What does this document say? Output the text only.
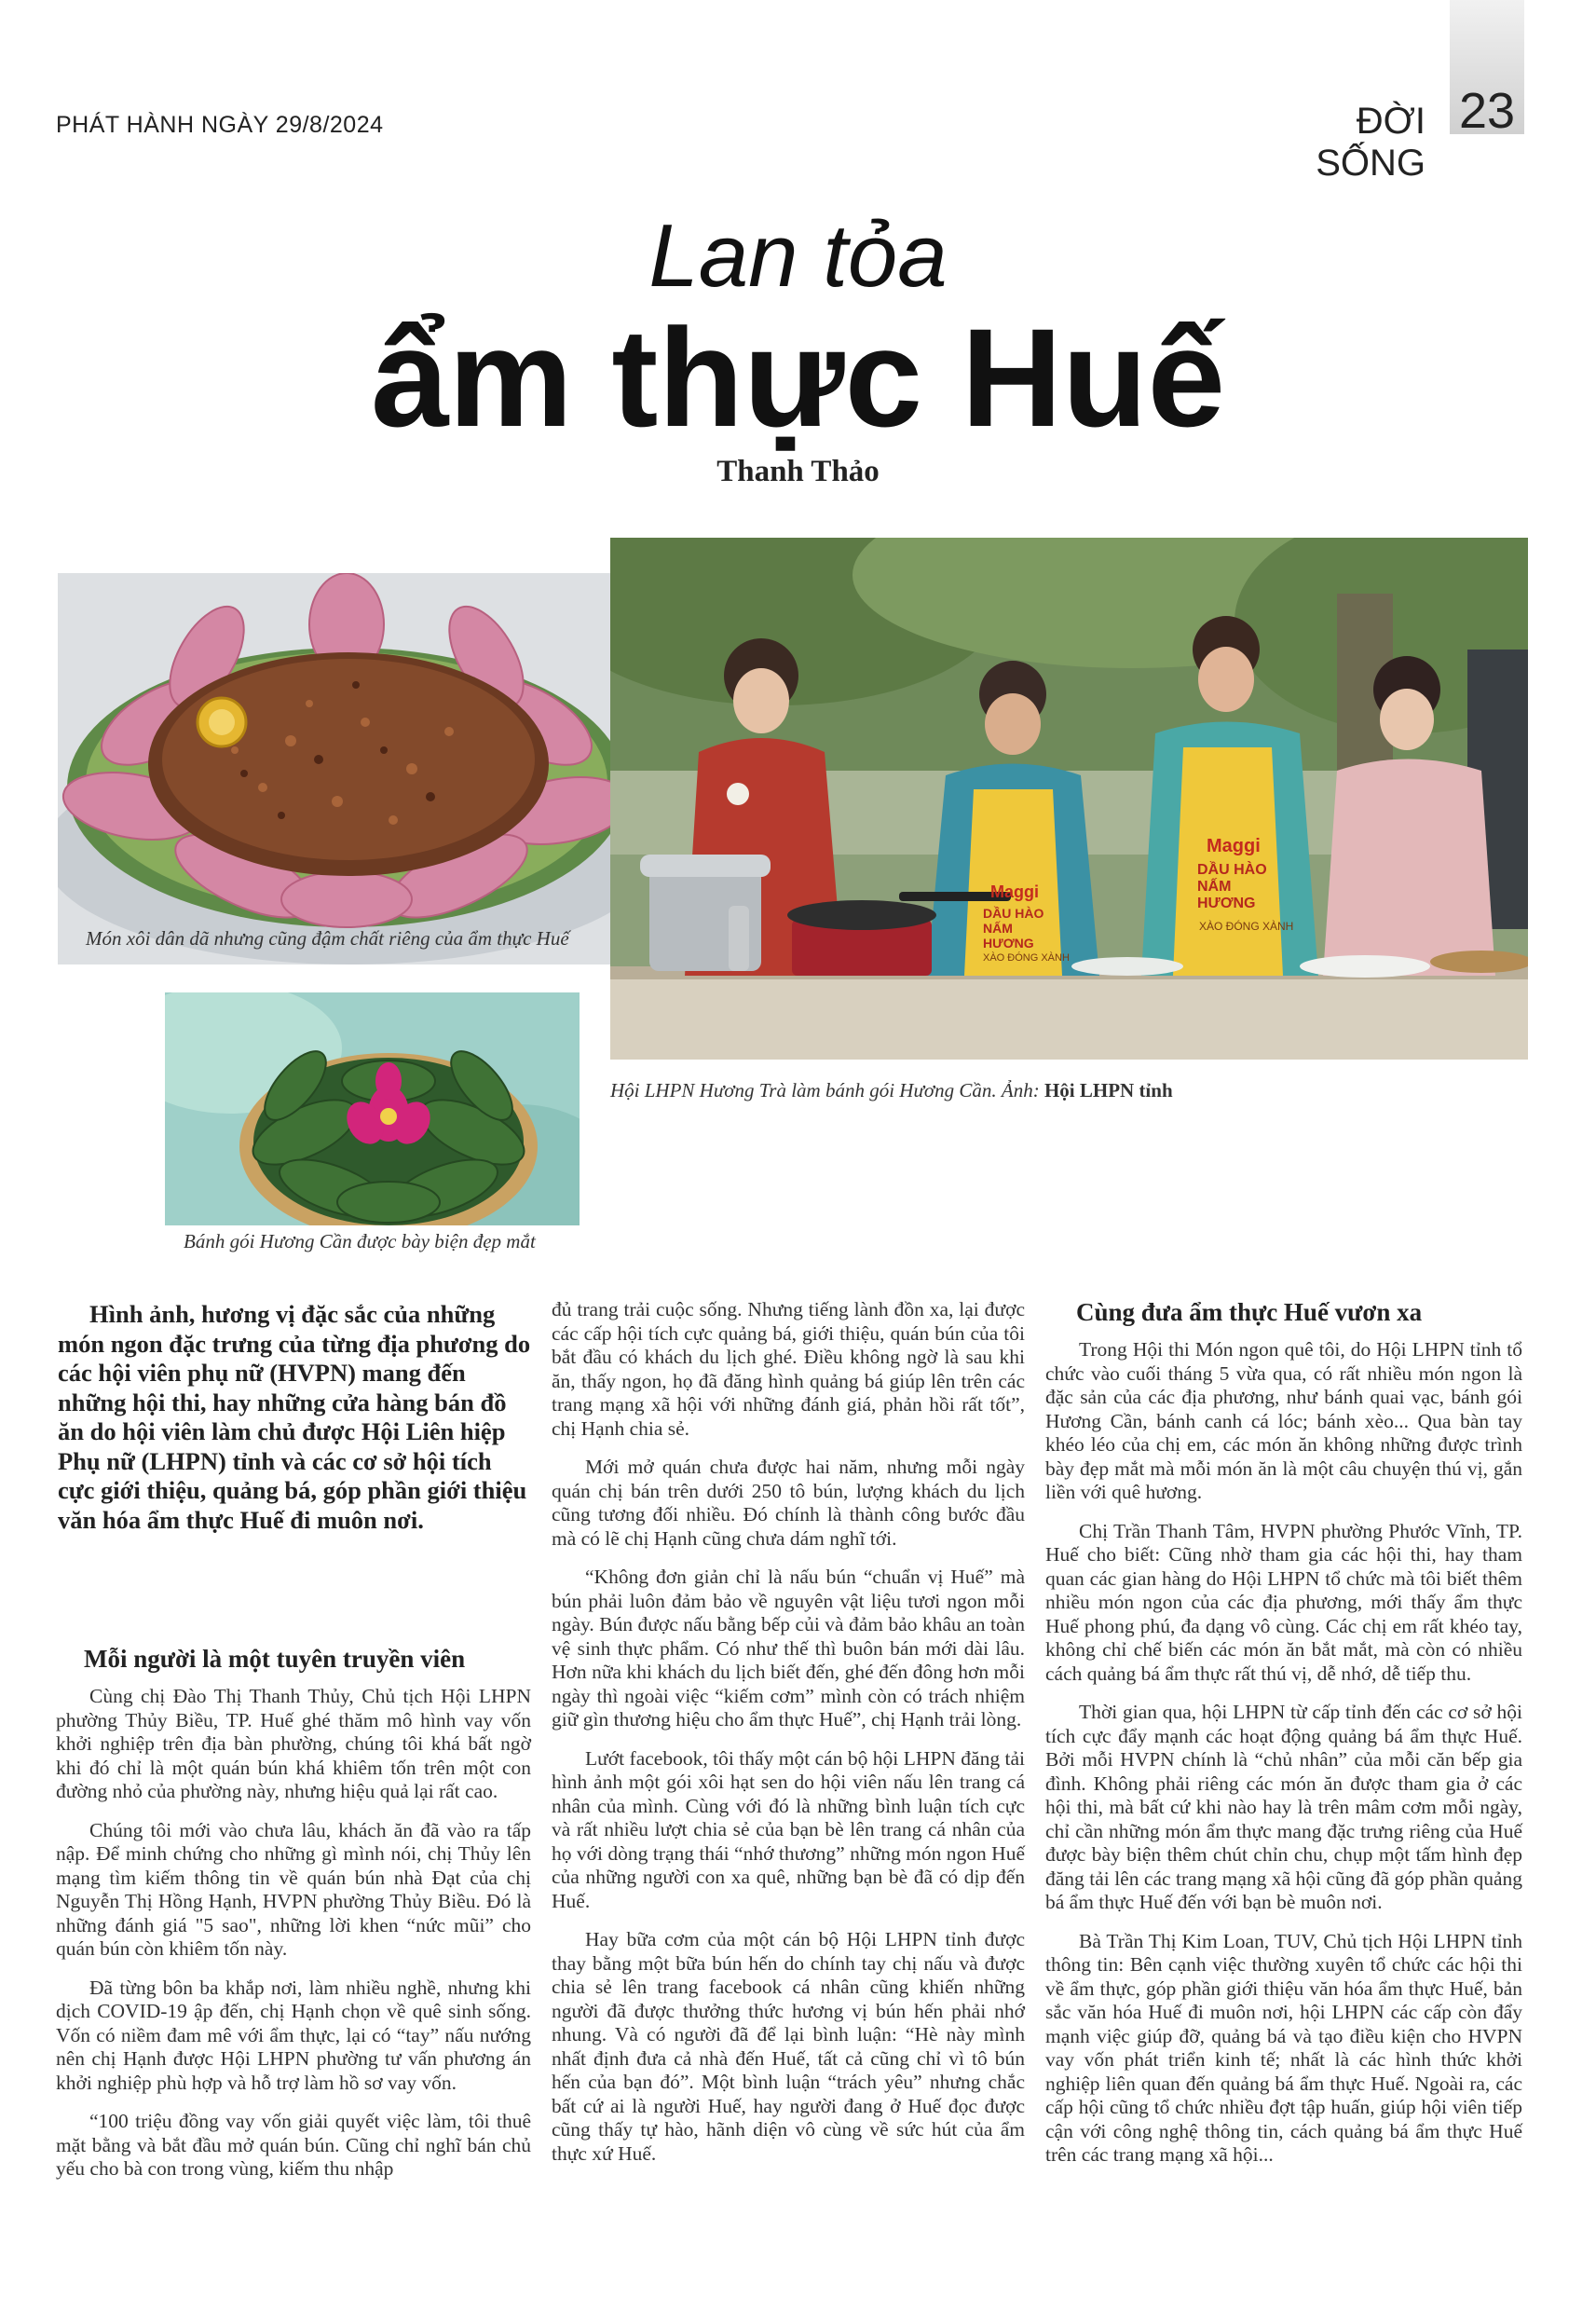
PHÁT HÀNH NGÀY 29/8/2024	ĐỜI SỐNG
23
Lan tỏa
ẩm thực Huế
Thanh Thảo
Món xôi dân dã nhưng cũng đậm chất riêng của ẩm thực Huế
Maggi
DẦU HÀO NẤM HƯƠNG
XÀO ĐÓNG XÀNH
Maggi
DẦU HÀO NẤM HƯƠNG
XÀO ĐÓNG XÀNH
Hội LHPN Hương Trà làm bánh gói Hương Cần. Ảnh: Hội LHPN tỉnh
Bánh gói Hương Cần được bày biện đẹp mắt

Hình ảnh, hương vị đặc sắc của những món ngon đặc trưng của từng địa phương do các hội viên phụ nữ (HVPN) mang đến những hội thi, hay những cửa hàng bán đồ ăn do hội viên làm chủ được Hội Liên hiệp Phụ nữ (LHPN) tỉnh và các cơ sở hội tích cực giới thiệu, quảng bá, góp phần giới thiệu văn hóa ẩm thực Huế đi muôn nơi.

Mỗi người là một tuyên truyền viên

Cùng chị Đào Thị Thanh Thủy, Chủ tịch Hội LHPN phường Thủy Biều, TP. Huế ghé thăm mô hình vay vốn khởi nghiệp trên địa bàn phường, chúng tôi khá bất ngờ khi đó chỉ là một quán bún khá khiêm tốn trên một con đường nhỏ của phường này, nhưng hiệu quả lại rất cao.

Chúng tôi mới vào chưa lâu, khách ăn đã vào ra tấp nập. Để minh chứng cho những gì mình nói, chị Thủy lên mạng tìm kiếm thông tin về quán bún nhà Đạt của chị Nguyễn Thị Hồng Hạnh, HVPN phường Thủy Biều. Đó là những đánh giá "5 sao", những lời khen “nức mũi” cho quán bún còn khiêm tốn này.

Đã từng bôn ba khắp nơi, làm nhiều nghề, nhưng khi dịch COVID-19 ập đến, chị Hạnh chọn về quê sinh sống. Vốn có niềm đam mê với ẩm thực, lại có “tay” nấu nướng nên chị Hạnh được Hội LHPN phường tư vấn phương án khởi nghiệp phù hợp và hỗ trợ làm hồ sơ vay vốn.

“100 triệu đồng vay vốn giải quyết việc làm, tôi thuê mặt bằng và bắt đầu mở quán bún. Cũng chỉ nghĩ bán chủ yếu cho bà con trong vùng, kiếm thu nhập

đủ trang trải cuộc sống. Nhưng tiếng lành đồn xa, lại được các cấp hội tích cực quảng bá, giới thiệu, quán bún của tôi bắt đầu có khách du lịch ghé. Điều không ngờ là sau khi ăn, thấy ngon, họ đã đăng hình quảng bá giúp lên trên các trang mạng xã hội với những đánh giá, phản hồi rất tốt”, chị Hạnh chia sẻ.

Mới mở quán chưa được hai năm, nhưng mỗi ngày quán chị bán trên dưới 250 tô bún, lượng khách du lịch cũng tương đối nhiều. Đó chính là thành công bước đầu mà có lẽ chị Hạnh cũng chưa dám nghĩ tới.

“Không đơn giản chỉ là nấu bún “chuẩn vị Huế” mà bún phải luôn đảm bảo về nguyên vật liệu tươi ngon mỗi ngày. Bún được nấu bằng bếp củi và đảm bảo khâu an toàn vệ sinh thực phẩm. Có như thế thì buôn bán mới dài lâu. Hơn nữa khi khách du lịch biết đến, ghé đến đông hơn mỗi ngày thì ngoài việc “kiếm cơm” mình còn có trách nhiệm giữ gìn thương hiệu cho ẩm thực Huế”, chị Hạnh trải lòng.

Lướt facebook, tôi thấy một cán bộ hội LHPN đăng tải hình ảnh một gói xôi hạt sen do hội viên nấu lên trang cá nhân của mình. Cùng với đó là những bình luận tích cực và rất nhiều lượt chia sẻ của bạn bè lên trang cá nhân của họ với dòng trạng thái “nhớ thương” những món ngon Huế của những người con xa quê, những bạn bè đã có dịp đến Huế.

Hay bữa cơm của một cán bộ Hội LHPN tỉnh được thay bằng một bữa bún hến do chính tay chị nấu và được chia sẻ lên trang facebook cá nhân cũng khiến những người đã được thưởng thức hương vị bún hến phải nhớ nhung. Và có người đã để lại bình luận: “Hè này mình nhất định đưa cả nhà đến Huế, tất cả cũng chỉ vì tô bún hến của bạn đó”. Một bình luận “trách yêu” nhưng chắc bất cứ ai là người Huế, hay người đang ở Huế đọc được cũng thấy tự hào, hãnh diện vô cùng về sức hút của ẩm thực xứ Huế.

Cùng đưa ẩm thực Huế vươn xa

Trong Hội thi Món ngon quê tôi, do Hội LHPN tỉnh tổ chức vào cuối tháng 5 vừa qua, có rất nhiều món ngon là đặc sản của các địa phương, như bánh quai vạc, bánh gói Hương Cần, bánh canh cá lóc; bánh xèo... Qua bàn tay khéo léo của chị em, các món ăn không những được trình bày đẹp mắt mà mỗi món ăn là một câu chuyện thú vị, gắn liền với quê hương.

Chị Trần Thanh Tâm, HVPN phường Phước Vĩnh, TP. Huế cho biết: Cũng nhờ tham gia các hội thi, hay tham quan các gian hàng do Hội LHPN tổ chức mà tôi biết thêm nhiều món ngon của các địa phương, mới thấy ẩm thực Huế phong phú, đa dạng vô cùng. Các chị em rất khéo tay, không chỉ chế biến các món ăn bắt mắt, mà còn có nhiều cách quảng bá ẩm thực rất thú vị, dễ nhớ, dễ tiếp thu.

Thời gian qua, hội LHPN từ cấp tỉnh đến các cơ sở hội tích cực đẩy mạnh các hoạt động quảng bá ẩm thực Huế. Bởi mỗi HVPN chính là “chủ nhân” của mỗi căn bếp gia đình. Không phải riêng các món ăn được tham gia ở các hội thi, mà bất cứ khi nào hay là trên mâm cơm mỗi ngày, chỉ cần những món ẩm thực mang đặc trưng riêng của Huế được bày biện thêm chút chỉn chu, chụp một tấm hình đẹp đăng tải lên các trang mạng xã hội cũng đã góp phần quảng bá ẩm thực Huế đến với bạn bè muôn nơi.

Bà Trần Thị Kim Loan, TUV, Chủ tịch Hội LHPN tỉnh thông tin: Bên cạnh việc thường xuyên tổ chức các hội thi về ẩm thực, góp phần giới thiệu văn hóa ẩm thực Huế, bản sắc văn hóa Huế đi muôn nơi, hội LHPN các cấp còn đẩy mạnh việc giúp đỡ, quảng bá và tạo điều kiện cho HVPN vay vốn phát triển kinh tế; nhất là các hình thức khởi nghiệp liên quan đến quảng bá ẩm thực Huế. Ngoài ra, các cấp hội cũng tổ chức nhiều đợt tập huấn, giúp hội viên tiếp cận với công nghệ thông tin, cách quảng bá ẩm thực Huế trên các trang mạng xã hội...
